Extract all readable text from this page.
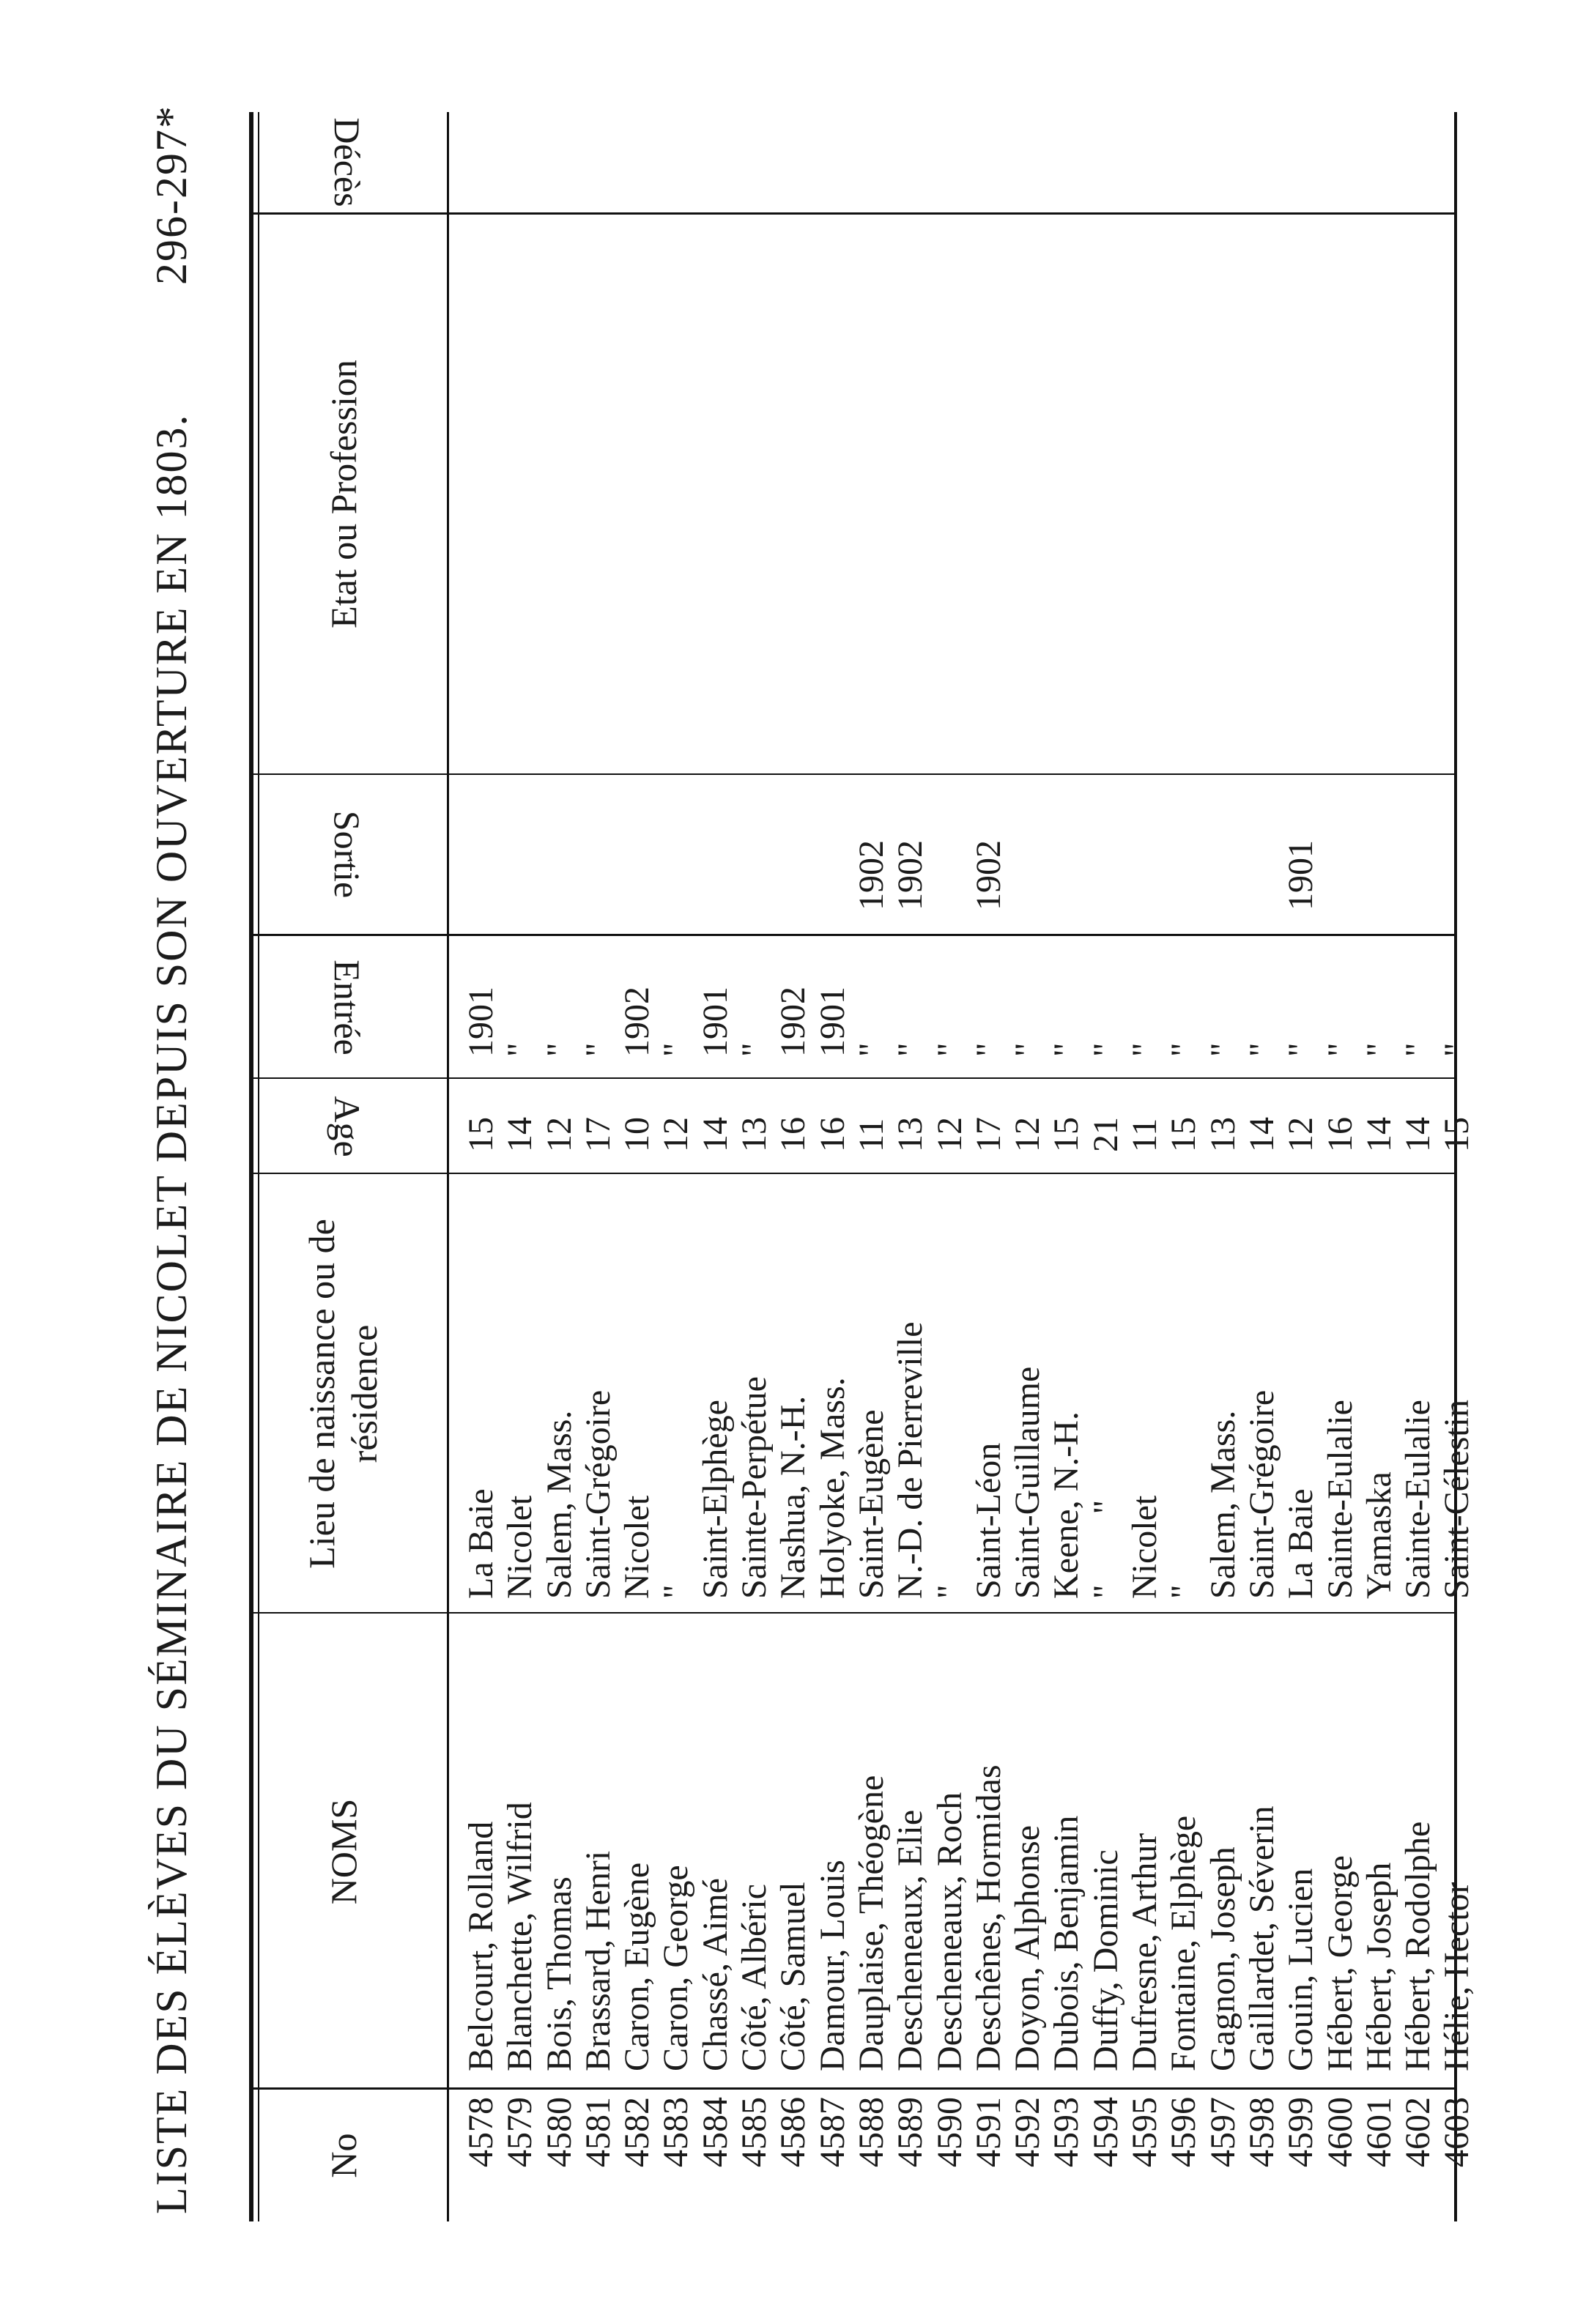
LISTE DES ÉLÈVES DU SÉMINAIRE DE NICOLET DEPUIS SON OUVERTURE EN 1803.
296-297*
No
NOMS
Lieu de naissance ou de résidence
Age
Entrée
Sortie
Etat ou Profession
Décès
4578 4579 4580 4581 4582 4583 4584 4585 4586 4587 4588 4589 4590 4591 4592 4593 4594 4595 4596 4597 4598 4599 4600 4601 4602 4603
Belcourt, Rolland Blanchette, Wilfrid Bois, Thomas Brassard, Henri Caron, Eugène Caron, George Chassé, Aimé Côté, Albéric Côté, Samuel Damour, Louis Dauplaise, Théogène Descheneaux, Elie Descheneaux, Roch Deschênes, Hormidas Doyon, Alphonse Dubois, Benjamin Duffy, Dominic Dufresne, Arthur Fontaine, Elphège Gagnon, Joseph Gaillardet, Séverin Gouin, Lucien Hébert, George Hébert, Joseph Hébert, Rodolphe Hélie, Hector
La Baie Nicolet Salem, Mass. Saint-Grégoire Nicolet " Saint-Elphège Sainte-Perpétue Nashua, N.-H. Holyoke, Mass. Saint-Eugène N.-D. de Pierreville " Saint-Léon Saint-Guillaume Keene, N.-H. "        " Nicolet " Salem, Mass. Saint-Grégoire La Baie Sainte-Eulalie Yamaska Sainte-Eulalie Saint-Célestin
15 14 12 17 10 12 14 13 16 16 11 13 12 17 12 15 21 11 15 13 14 12 16 14 14 15
1901 " " " 1902 " 1901 " 1902 1901 " " " " " " " " " " " " " " " "
1902 1902 1902	1901
